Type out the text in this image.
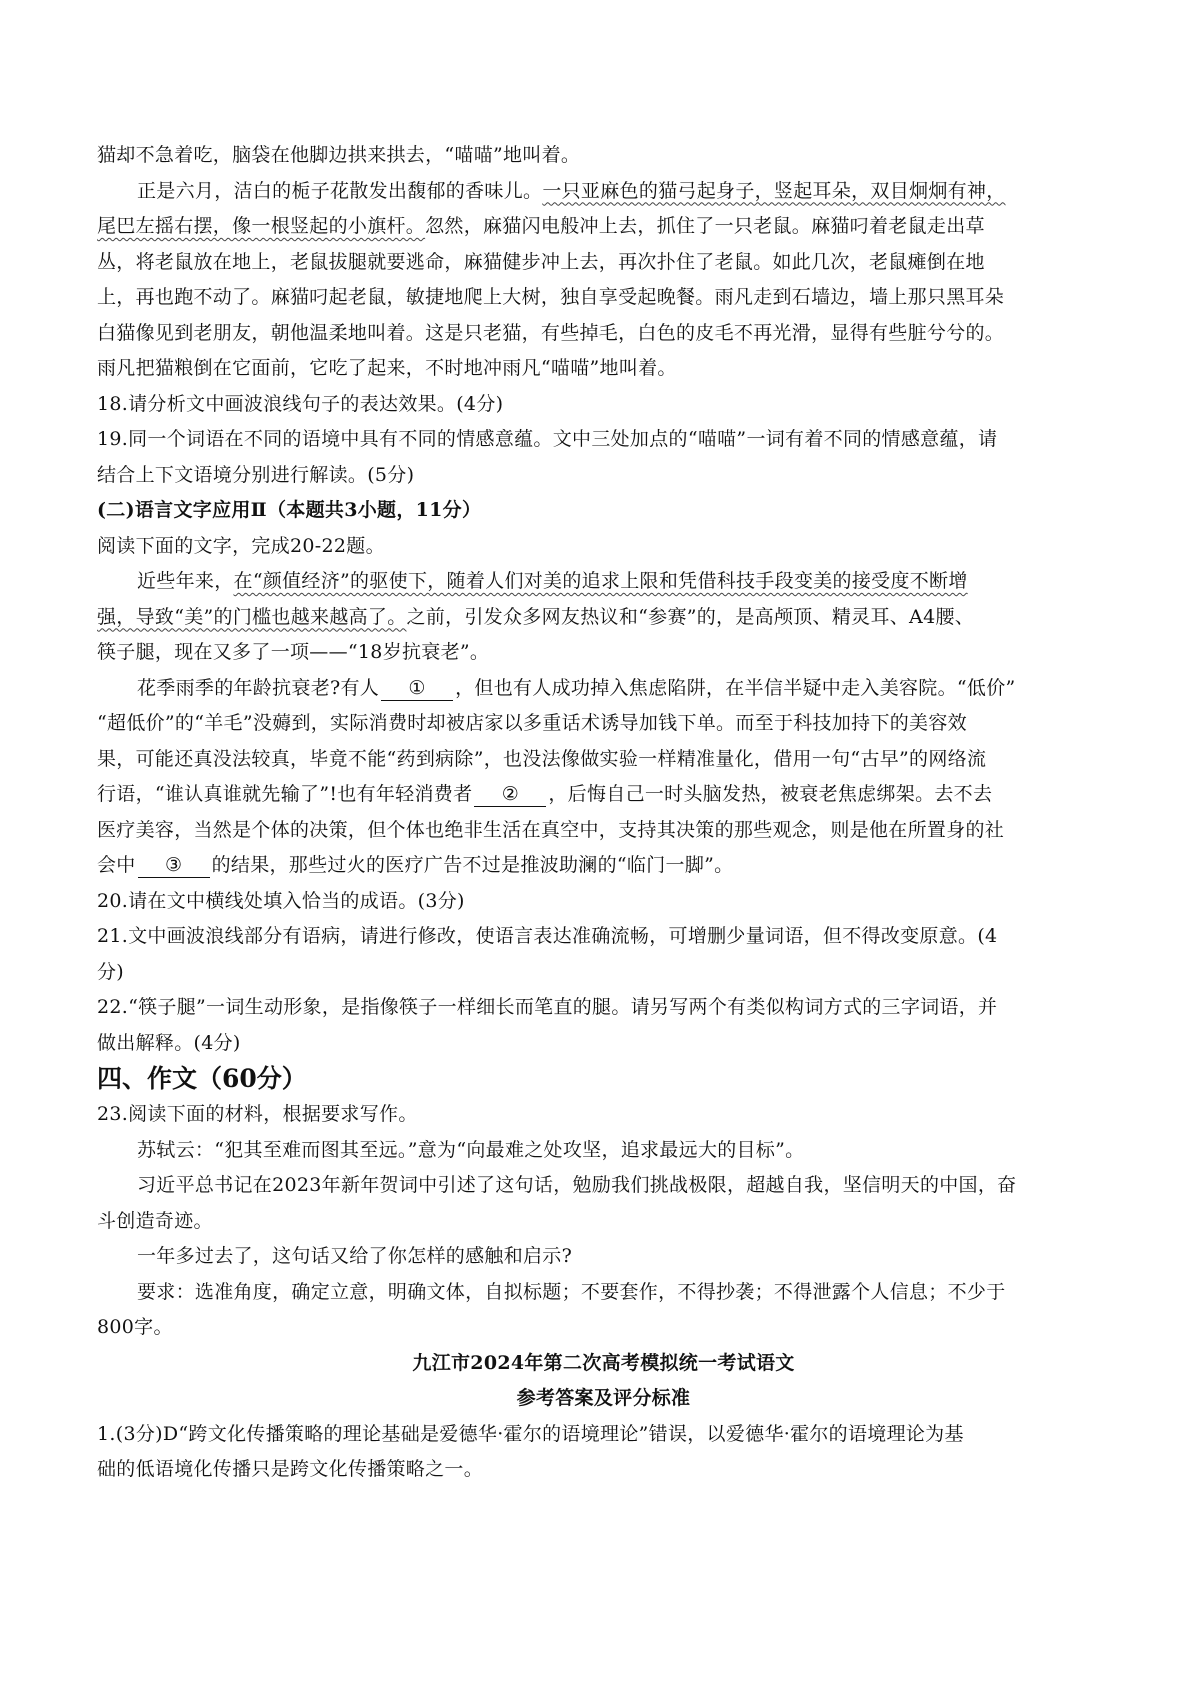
猫却不急着吃，脑袋在他脚边拱来拱去，“喵喵”地叫着。
正是六月，洁白的栀子花散发出馥郁的香味儿。一只亚麻色的猫弓起身子，竖起耳朵，双目炯炯有神，
尾巴左摇右摆，像一根竖起的小旗杆。忽然，麻猫闪电般冲上去，抓住了一只老鼠。麻猫叼着老鼠走出草
丛，将老鼠放在地上，老鼠拔腿就要逃命，麻猫健步冲上去，再次扑住了老鼠。如此几次，老鼠瘫倒在地
上，再也跑不动了。麻猫叼起老鼠，敏捷地爬上大树，独自享受起晚餐。雨凡走到石墙边，墙上那只黑耳朵
白猫像见到老朋友，朝他温柔地叫着。这是只老猫，有些掉毛，白色的皮毛不再光滑，显得有些脏兮兮的。
雨凡把猫粮倒在它面前，它吃了起来，不时地冲雨凡“喵喵”地叫着。
18.请分析文中画波浪线句子的表达效果。(4分)
19.同一个词语在不同的语境中具有不同的情感意蕴。文中三处加点的“喵喵”一词有着不同的情感意蕴，请
结合上下文语境分别进行解读。(5分)
(二)语言文字应用Ⅱ（本题共3小题，11分）
阅读下面的文字，完成20-22题。
近些年来，在“颜值经济”的驱使下，随着人们对美的追求上限和凭借科技手段变美的接受度不断增
强，导致“美”的门槛也越来越高了。之前，引发众多网友热议和“参赛”的，是高颅顶、精灵耳、A4腰、
筷子腿，现在又多了一项——“18岁抗衰老”。
花季雨季的年龄抗衰老?有人 ① ，但也有人成功掉入焦虑陷阱，在半信半疑中走入美容院。“低价”
“超低价”的“羊毛”没薅到，实际消费时却被店家以多重话术诱导加钱下单。而至于科技加持下的美容效
果，可能还真没法较真，毕竟不能“药到病除”，也没法像做实验一样精准量化，借用一句“古早”的网络流
行语，“谁认真谁就先输了”!也有年轻消费者 ② ，后悔自己一时头脑发热，被衰老焦虑绑架。去不去
医疗美容，当然是个体的决策，但个体也绝非生活在真空中，支持其决策的那些观念，则是他在所置身的社
会中 ③ 的结果，那些过火的医疗广告不过是推波助澜的“临门一脚”。
20.请在文中横线处填入恰当的成语。(3分)
21.文中画波浪线部分有语病，请进行修改，使语言表达准确流畅，可增删少量词语，但不得改变原意。(4
分)
22.“筷子腿”一词生动形象，是指像筷子一样细长而笔直的腿。请另写两个有类似构词方式的三字词语，并
做出解释。(4分)
四、作文（60分）
23.阅读下面的材料，根据要求写作。
苏轼云：“犯其至难而图其至远。”意为“向最难之处攻坚，追求最远大的目标”。
习近平总书记在2023年新年贺词中引述了这句话，勉励我们挑战极限，超越自我，坚信明天的中国，奋
斗创造奇迹。
一年多过去了，这句话又给了你怎样的感触和启示?
要求：选准角度，确定立意，明确文体，自拟标题；不要套作，不得抄袭；不得泄露个人信息；不少于
800字。
九江市2024年第二次高考模拟统一考试语文
参考答案及评分标准
1.(3分)D“跨文化传播策略的理论基础是爱德华·霍尔的语境理论”错误，以爱德华·霍尔的语境理论为基
础的低语境化传播只是跨文化传播策略之一。
